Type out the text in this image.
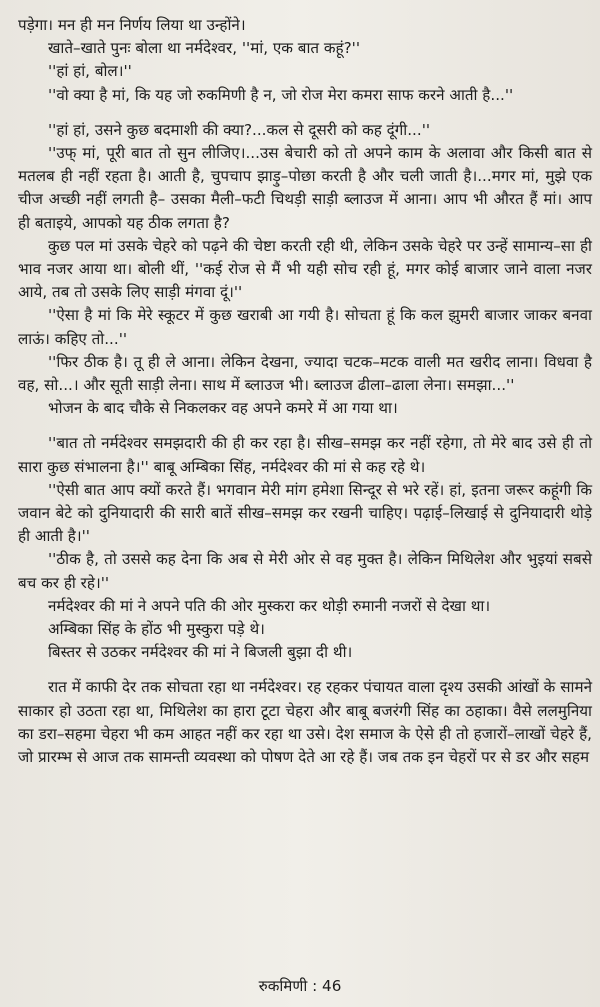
पड़ेगा। मन ही मन निर्णय लिया था उन्होंने।

खाते–खाते पुनः बोला था नर्मदेश्वर, ''मां, एक बात कहूं?''

''हां हां, बोल।''

''वो क्या है मां, कि यह जो रुकमिणी है न, जो रोज मेरा कमरा साफ करने आती है...''

''हां हां, उसने कुछ बदमाशी की क्या?...कल से दूसरी को कह दूंगी...''

''उफ् मां, पूरी बात तो सुन लीजिए।...उस बेचारी को तो अपने काम के अलावा और किसी बात से मतलब ही नहीं रहता है। आती है, चुपचाप झाड़ु–पोछा करती है और चली जाती है।...मगर मां, मुझे एक चीज अच्छी नहीं लगती है– उसका मैली–फटी चिथड़ी साड़ी ब्लाउज में आना। आप भी औरत हैं मां। आप ही बताइये, आपको यह ठीक लगता है?

कुछ पल मां उसके चेहरे को पढ़ने की चेष्टा करती रही थी, लेकिन उसके चेहरे पर उन्हें सामान्य–सा ही भाव नजर आया था। बोली थीं, ''कई रोज से मैं भी यही सोच रही हूं, मगर कोई बाजार जाने वाला नजर आये, तब तो उसके लिए साड़ी मंगवा दूं।''

''ऐसा है मां कि मेरे स्कूटर में कुछ खराबी आ गयी है। सोचता हूं कि कल झुमरी बाजार जाकर बनवा लाऊं। कहिए तो...''

''फिर ठीक है। तू ही ले आना। लेकिन देखना, ज्यादा चटक–मटक वाली मत खरीद लाना। विधवा है वह, सो...। और सूती साड़ी लेना। साथ में ब्लाउज भी। ब्लाउज ढीला–ढाला लेना। समझा...''

भोजन के बाद चौके से निकलकर वह अपने कमरे में आ गया था।

''बात तो नर्मदेश्वर समझदारी की ही कर रहा है। सीख–समझ कर नहीं रहेगा, तो मेरे बाद उसे ही तो सारा कुछ संभालना है।'' बाबू अम्बिका सिंह, नर्मदेश्वर की मां से कह रहे थे।

''ऐसी बात आप क्यों करते हैं। भगवान मेरी मांग हमेशा सिन्दूर से भरे रहें। हां, इतना जरूर कहूंगी कि जवान बेटे को दुनियादारी की सारी बातें सीख–समझ कर रखनी चाहिए। पढ़ाई–लिखाई से दुनियादारी थोड़े ही आती है।''

''ठीक है, तो उससे कह देना कि अब से मेरी ओर से वह मुक्त है। लेकिन मिथिलेश और भुइयां सबसे बच कर ही रहे।''

नर्मदेश्वर की मां ने अपने पति की ओर मुस्करा कर थोड़ी रुमानी नजरों से देखा था।

अम्बिका सिंह के होंठ भी मुस्कुरा पड़े थे।

बिस्तर से उठकर नर्मदेश्वर की मां ने बिजली बुझा दी थी।

रात में काफी देर तक सोचता रहा था नर्मदेश्वर। रह रहकर पंचायत वाला दृश्य उसकी आंखों के सामने साकार हो उठता रहा था, मिथिलेश का हारा टूटा चेहरा और बाबू बजरंगी सिंह का ठहाका। वैसे ललमुनिया का डरा–सहमा चेहरा भी कम आहत नहीं कर रहा था उसे। देश समाज के ऐसे ही तो हजारों–लाखों चेहरे हैं, जो प्रारम्भ से आज तक सामन्ती व्यवस्था को पोषण देते आ रहे हैं। जब तक इन चेहरों पर से डर और सहम

रुकमिणी : 46
